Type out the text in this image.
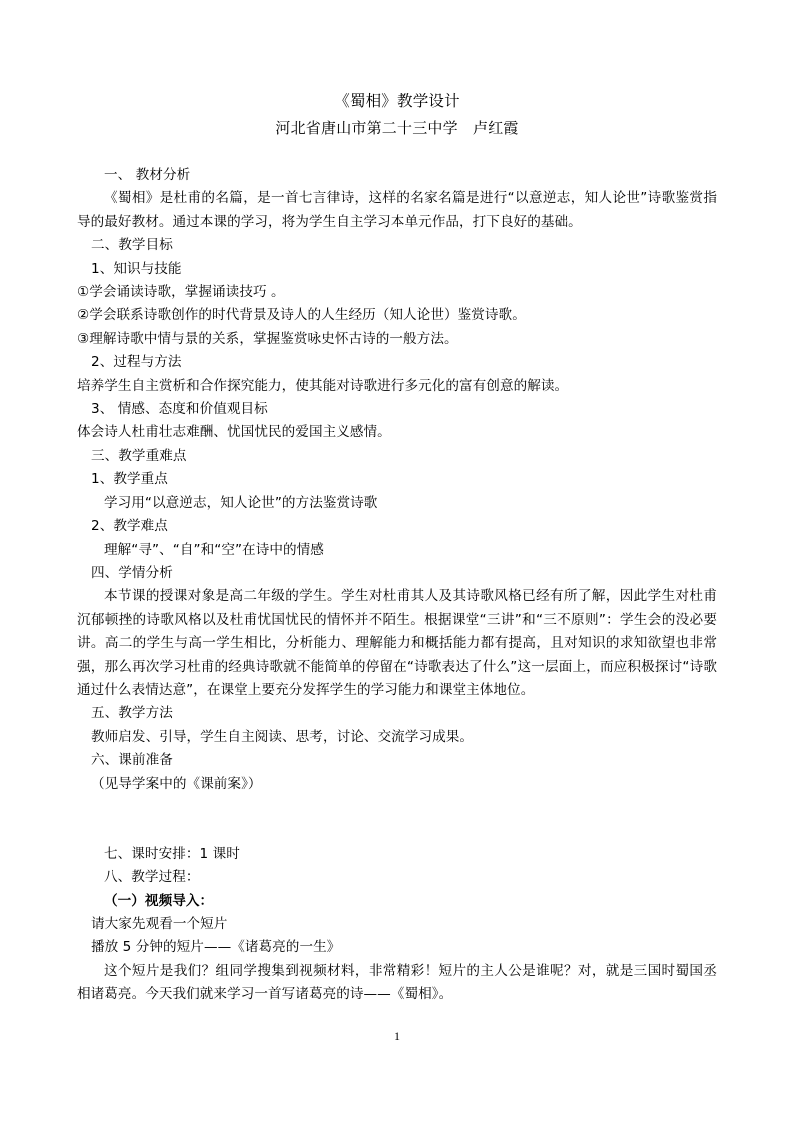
《蜀相》教学设计
河北省唐山市第二十三中学　卢红霞
一、 教材分析
《蜀相》是杜甫的名篇，是一首七言律诗，这样的名家名篇是进行“以意逆志，知人论世”诗歌鉴赏指导的最好教材。通过本课的学习，将为学生自主学习本单元作品，打下良好的基础。
二、教学目标
1、知识与技能
①学会诵读诗歌，掌握诵读技巧 。
②学会联系诗歌创作的时代背景及诗人的人生经历（知人论世）鉴赏诗歌。
③理解诗歌中情与景的关系，掌握鉴赏咏史怀古诗的一般方法。
2、过程与方法
培养学生自主赏析和合作探究能力，使其能对诗歌进行多元化的富有创意的解读。
3、 情感、态度和价值观目标
体会诗人杜甫壮志难酬、忧国忧民的爱国主义感情。
三、教学重难点
1、教学重点
学习用“以意逆志，知人论世”的方法鉴赏诗歌
2、教学难点
理解“寻”、“自”和“空”在诗中的情感
四、学情分析
本节课的授课对象是高二年级的学生。学生对杜甫其人及其诗歌风格已经有所了解，因此学生对杜甫沉郁顿挫的诗歌风格以及杜甫忧国忧民的情怀并不陌生。根据课堂“三讲”和“三不原则”：学生会的没必要讲。高二的学生与高一学生相比，分析能力、理解能力和概括能力都有提高，且对知识的求知欲望也非常强，那么再次学习杜甫的经典诗歌就不能简单的停留在“诗歌表达了什么”这一层面上，而应积极探讨“诗歌通过什么表情达意”，在课堂上要充分发挥学生的学习能力和课堂主体地位。
五、教学方法
教师启发、引导，学生自主阅读、思考，讨论、交流学习成果。
六、课前准备
（见导学案中的《课前案》）
七、课时安排：1 课时
八、教学过程：
（一）视频导入：
请大家先观看一个短片
播放 5 分钟的短片——《诸葛亮的一生》
这个短片是我们？组同学搜集到视频材料，非常精彩！短片的主人公是谁呢？对，就是三国时蜀国丞相诸葛亮。今天我们就来学习一首写诸葛亮的诗——《蜀相》。
1
